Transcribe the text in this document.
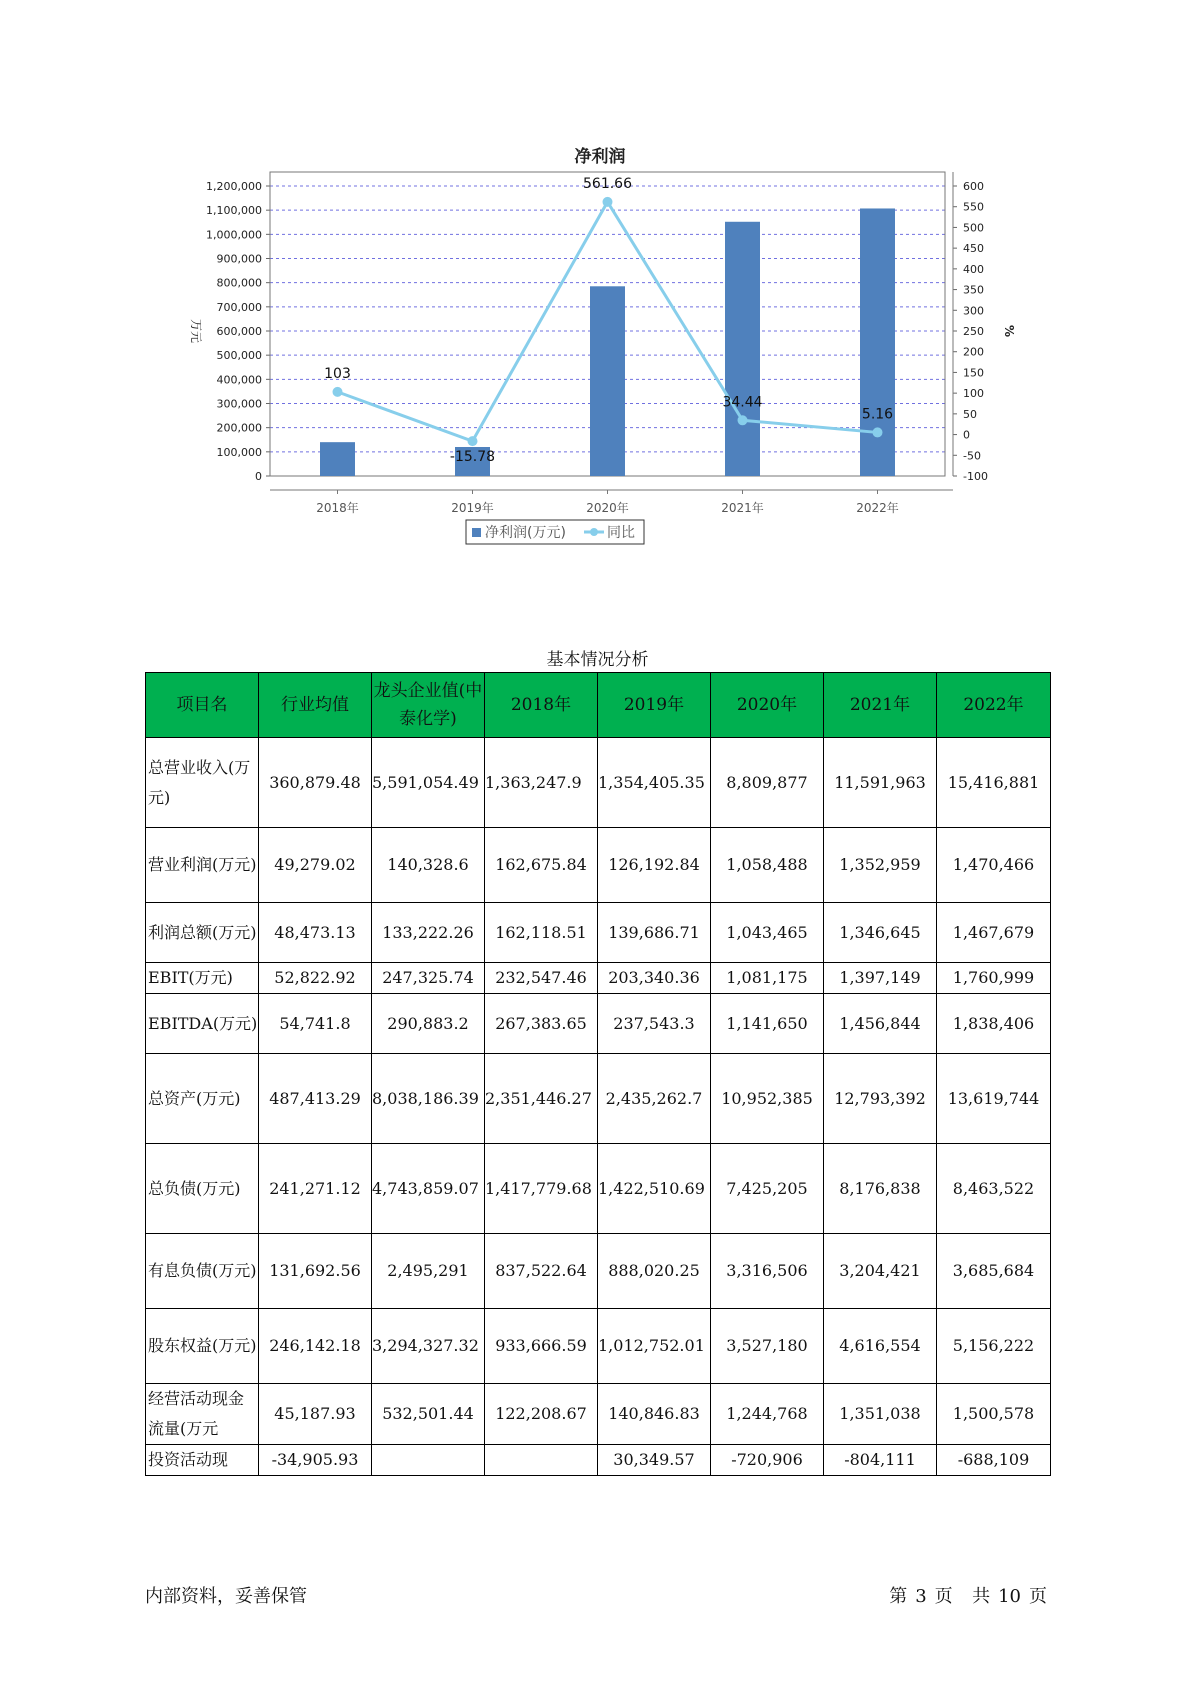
净利润
0
100,000
200,000
300,000
400,000
500,000
600,000
700,000
800,000
900,000
1,000,000
1,100,000
1,200,000
-100
-50
0
50
100
150
200
250
300
350
400
450
500
550
600
万元	%
2018年	2019年	2020年	2021年	2022年
103
-15.78
561.66
34.44
5.16
净利润(万元)	同比
基本情况分析
项目名	行业均值	龙头企业值(中泰化学)	2018年	2019年	2020年	2021年	2022年
总营业收入(万元)	360,879.48	5,591,054.49	1,363,247.9	1,354,405.35	8,809,877	11,591,963	15,416,881
营业利润(万元)	49,279.02	140,328.6	162,675.84	126,192.84	1,058,488	1,352,959	1,470,466
利润总额(万元)	48,473.13	133,222.26	162,118.51	139,686.71	1,043,465	1,346,645	1,467,679
EBIT(万元)	52,822.92	247,325.74	232,547.46	203,340.36	1,081,175	1,397,149	1,760,999
EBITDA(万元)	54,741.8	290,883.2	267,383.65	237,543.3	1,141,650	1,456,844	1,838,406
总资产(万元)	487,413.29	8,038,186.39	2,351,446.27	2,435,262.7	10,952,385	12,793,392	13,619,744
总负债(万元)	241,271.12	4,743,859.07	1,417,779.68	1,422,510.69	7,425,205	8,176,838	8,463,522
有息负债(万元)	131,692.56	2,495,291	837,522.64	888,020.25	3,316,506	3,204,421	3,685,684
股东权益(万元)	246,142.18	3,294,327.32	933,666.59	1,012,752.01	3,527,180	4,616,554	5,156,222
经营活动现金流量(万元	45,187.93	532,501.44	122,208.67	140,846.83	1,244,768	1,351,038	1,500,578
投资活动现	-34,905.93			30,349.57	-720,906	-804,111	-688,109
内部资料，妥善保管	第 3 页 共 10 页
